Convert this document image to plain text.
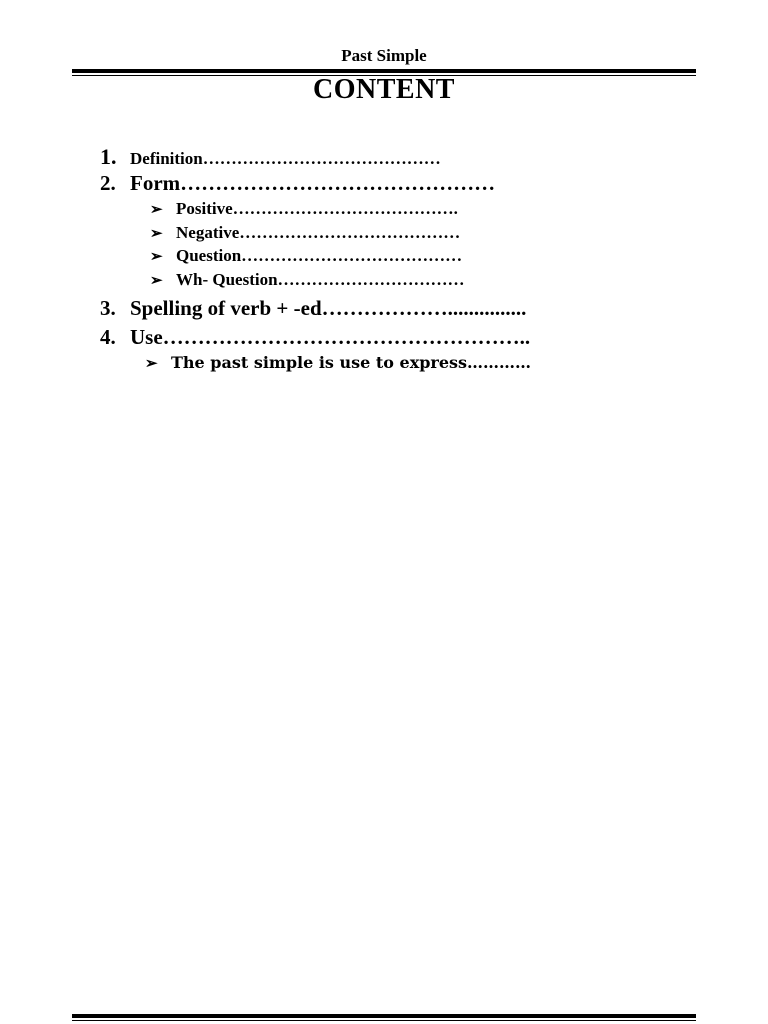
Past Simple
CONTENT
1. Definition……………………………………
2. Form………………………………………
➢ Positive………………………………….
➢ Negative…………………………………
➢ Question…………………………………
➢ Wh- Question……………………………
3. Spelling of verb + -ed………………...............
4. Use……………………………………………..
➢ The past simple is use to express…………
